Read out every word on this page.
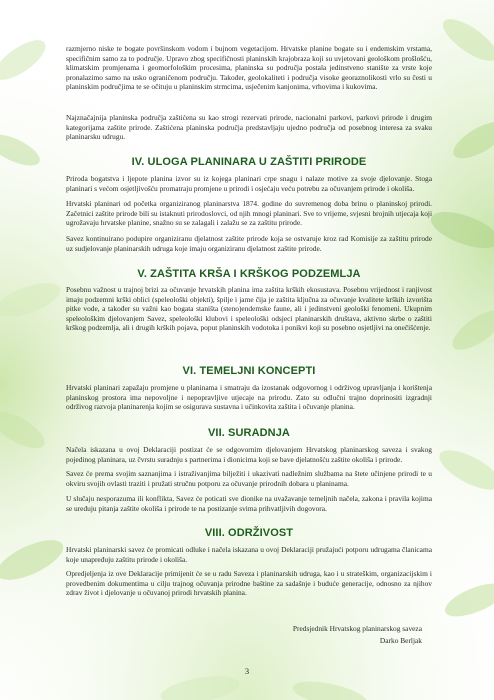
razmjerno niske te bogate površinskom vodom i bujnom vegetacijom. Hrvatske planine bogate su i endemskim vrstama, specifičnim samo za to područje. Upravo zbog specifičnosti planinskih krajobraza koji su uvjetovani geološkom prošlošću, klimatskim promjenama i geomorfološkim procesima, planinska su područja postala jedinstveno stanište za vrste koje pronalazimo samo na usko ograničenom području. Također, geolokaliteti i područja visoke georaznolikosti vrlo su česti u planinskim područjima te se očituju u planinskim strmcima, usječenim kanjonima, vrhovima i kukovima.

Najznačajnija planinska područja zaštićena su kao strogi rezervati prirode, nacionalni parkovi, parkovi prirode i drugim kategorijama zaštite prirode. Zaštićena planinska područja predstavljaju ujedno područja od posebnog interesa za svaku planinarsku udrugu.

IV. ULOGA PLANINARA U ZAŠTITI PRIRODE

Priroda bogatstva i ljepote planina izvor su iz kojega planinari crpe snagu i nalaze motive za svoje djelovanje. Stoga planinari s većom osjetljivošću promatraju promjene u prirodi i osjećaju veću potrebu za očuvanjem prirode i okoliša.

Hrvatski planinari od početka organiziranog planinarstva 1874. godine do suvremenog doba brinu o planinskoj prirodi. Začetnici zaštite prirode bili su istaknuti prirodoslovci, od njih mnogi planinari. Sve to vrijeme, svjesni brojnih utjecaja koji ugrožavaju hrvatske planine, snažno su se zalagali i zalažu se za zaštitu prirode.

Savez kontinuirano podupire organiziranu djelatnost zaštite prirode koja se ostvaruje kroz rad Komisije za zaštitu prirode uz sudjelovanje planinarskih udruga koje imaju organiziranu djelatnost zaštite prirode.

V. ZAŠTITA KRŠA I KRŠKOG PODZEMLJA

Posebnu važnost u trajnoj brizi za očuvanje hrvatskih planina ima zaštita krških ekosustava. Posebnu vrijednost i ranjivost imaju podzemni krški oblici (speleološki objekti), špilje i jame čija je zaštita ključna za očuvanje kvalitete krških izvorišta pitke vode, a također su važni kao bogata staništa (steno)endemske faune, ali i jedinstveni geološki fenomeni. Ukupnim speleološkim djelovanjem Savez, speleološki klubovi i speleološki odsjeci planinarskih društava, aktivno skrbe o zaštiti krškog podzemlja, ali i drugih krških pojava, poput planinskih vodotoka i ponikvi koji su posebno osjetljivi na onečišćenje.

VI. TEMELJNI KONCEPTI

Hrvatski planinari zapažaju promjene u planinama i smatraju da izostanak odgovornog i održivog upravljanja i korištenja planinskog prostora ima nepovoljne i nepopravljive utjecaje na prirodu. Zato su odlučni trajno doprinositi izgradnji održivog razvoja planinarenja kojim se osigurava sustavna i učinkovita zaštita i očuvanje planina.

VII. SURADNJA

Načela iskazana u ovoj Deklaraciji postizat će se odgovornim djelovanjem Hrvatskog planinarskog saveza i svakog pojedinog planinara, uz čvrstu suradnju s partnerima i dionicima koji se bave djelatnošću zaštite okoliša i prirode.

Savez će prema svojim saznanjima i istraživanjima bilježiti i ukazivati nadležnim službama na štete učinjene prirodi te u okviru svojih ovlasti traziti i pružati stručnu potporu za očuvanje prirodnih dobara u planinama.

U slučaju nesporazuma ili konflikta, Savez će poticati sve dionike na uvažavanje temeljnih načela, zakona i pravila kojima se uređuju pitanja zaštite okoliša i prirode te na postizanje svima prihvatljivih dogovora.

VIII. ODRŽIVOST

Hrvatski planinarski savez će promicati odluke i načela iskazana u ovoj Deklaraciji pružajući potporu udrugama članicama koje unapređuju zaštitu prirode i okoliša.

Opredjeljenja iz ove Deklaracije primijenit će se u radu Saveza i planinarskih udruga, kao i u strateškim, organizacijskim i provedbenim dokumentima u cilju trajnog očuvanja prirodne baštine za sadašnje i buduće generacije, odnosno za njihov zdrav život i djelovanje u očuvanoj prirodi hrvatskih planina.

Predsjednik Hrvatskog planinarskog saveza

Darko Berljak

3
